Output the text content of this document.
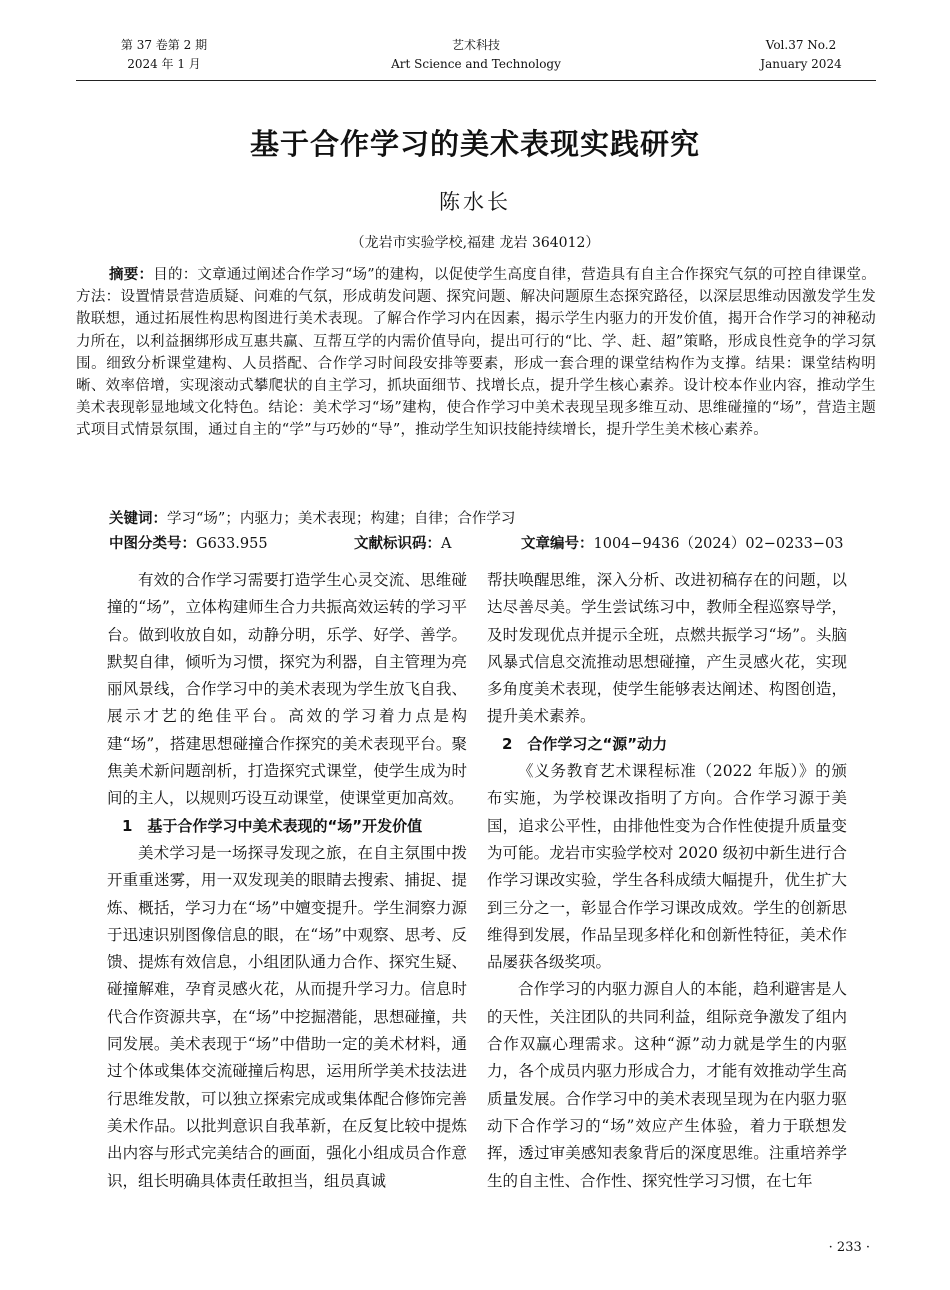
第 37 卷第 2 期
2024 年 1 月
艺术科技
Art Science and Technology
Vol.37 No.2
January 2024
基于合作学习的美术表现实践研究
陈水长
（龙岩市实验学校,福建 龙岩 364012）
摘要：目的：文章通过阐述合作学习“场”的建构，以促使学生高度自律，营造具有自主合作探究气氛的可控自律课堂。方法：设置情景营造质疑、问难的气氛，形成萌发问题、探究问题、解决问题原生态探究路径，以深层思维动因激发学生发散联想，通过拓展性构思构图进行美术表现。了解合作学习内在因素，揭示学生内驱力的开发价值，揭开合作学习的神秘动力所在，以利益捆绑形成互惠共赢、互帮互学的内需价值导向，提出可行的“比、学、赶、超”策略，形成良性竞争的学习氛围。细致分析课堂建构、人员搭配、合作学习时间段安排等要素，形成一套合理的课堂结构作为支撑。结果：课堂结构明晰、效率倍增，实现滚动式攀爬状的自主学习，抓块面细节、找增长点，提升学生核心素养。设计校本作业内容，推动学生美术表现彰显地域文化特色。结论：美术学习“场”建构，使合作学习中美术表现呈现多维互动、思维碰撞的“场”，营造主题式项目式情景氛围，通过自主的“学”与巧妙的“导”，推动学生知识技能持续增长，提升学生美术核心素养。
关键词：学习“场”；内驱力；美术表现；构建；自律；合作学习
中图分类号：G633.955	文献标识码：A	文章编号：1004−9436（2024）02−0233−03

有效的合作学习需要打造学生心灵交流、思维碰撞的“场”，立体构建师生合力共振高效运转的学习平台。做到收放自如，动静分明，乐学、好学、善学。默契自律，倾听为习惯，探究为利器，自主管理为亮丽风景线，合作学习中的美术表现为学生放飞自我、展示才艺的绝佳平台。高效的学习着力点是构建“场”，搭建思想碰撞合作探究的美术表现平台。聚焦美术新问题剖析，打造探究式课堂，使学生成为时间的主人，以规则巧设互动课堂，使课堂更加高效。

1　基于合作学习中美术表现的“场”开发价值

美术学习是一场探寻发现之旅，在自主氛围中拨开重重迷雾，用一双发现美的眼睛去搜索、捕捉、提炼、概括，学习力在“场”中嬗变提升。学生洞察力源于迅速识别图像信息的眼，在“场”中观察、思考、反馈、提炼有效信息，小组团队通力合作、探究生疑、碰撞解难，孕育灵感火花，从而提升学习力。信息时代合作资源共享，在“场”中挖掘潜能，思想碰撞，共同发展。美术表现于“场”中借助一定的美术材料，通过个体或集体交流碰撞后构思，运用所学美术技法进行思维发散，可以独立探索完成或集体配合修饰完善美术作品。以批判意识自我革新，在反复比较中提炼出内容与形式完美结合的画面，强化小组成员合作意识，组长明确具体责任敢担当，组员真诚

帮扶唤醒思维，深入分析、改进初稿存在的问题，以达尽善尽美。学生尝试练习中，教师全程巡察导学，及时发现优点并提示全班，点燃共振学习“场”。头脑风暴式信息交流推动思想碰撞，产生灵感火花，实现多角度美术表现，使学生能够表达阐述、构图创造，提升美术素养。

2　合作学习之“源”动力

《义务教育艺术课程标准（2022 年版）》的颁布实施，为学校课改指明了方向。合作学习源于美国，追求公平性，由排他性变为合作性使提升质量变为可能。龙岩市实验学校对 2020 级初中新生进行合作学习课改实验，学生各科成绩大幅提升，优生扩大到三分之一，彰显合作学习课改成效。学生的创新思维得到发展，作品呈现多样化和创新性特征，美术作品屡获各级奖项。

合作学习的内驱力源自人的本能，趋利避害是人的天性，关注团队的共同利益，组际竞争激发了组内合作双赢心理需求。这种“源”动力就是学生的内驱力，各个成员内驱力形成合力，才能有效推动学生高质量发展。合作学习中的美术表现呈现为在内驱力驱动下合作学习的“场”效应产生体验，着力于联想发挥，透过审美感知表象背后的深度思维。注重培养学生的自主性、合作性、探究性学习习惯，在七年

· 233 ·
